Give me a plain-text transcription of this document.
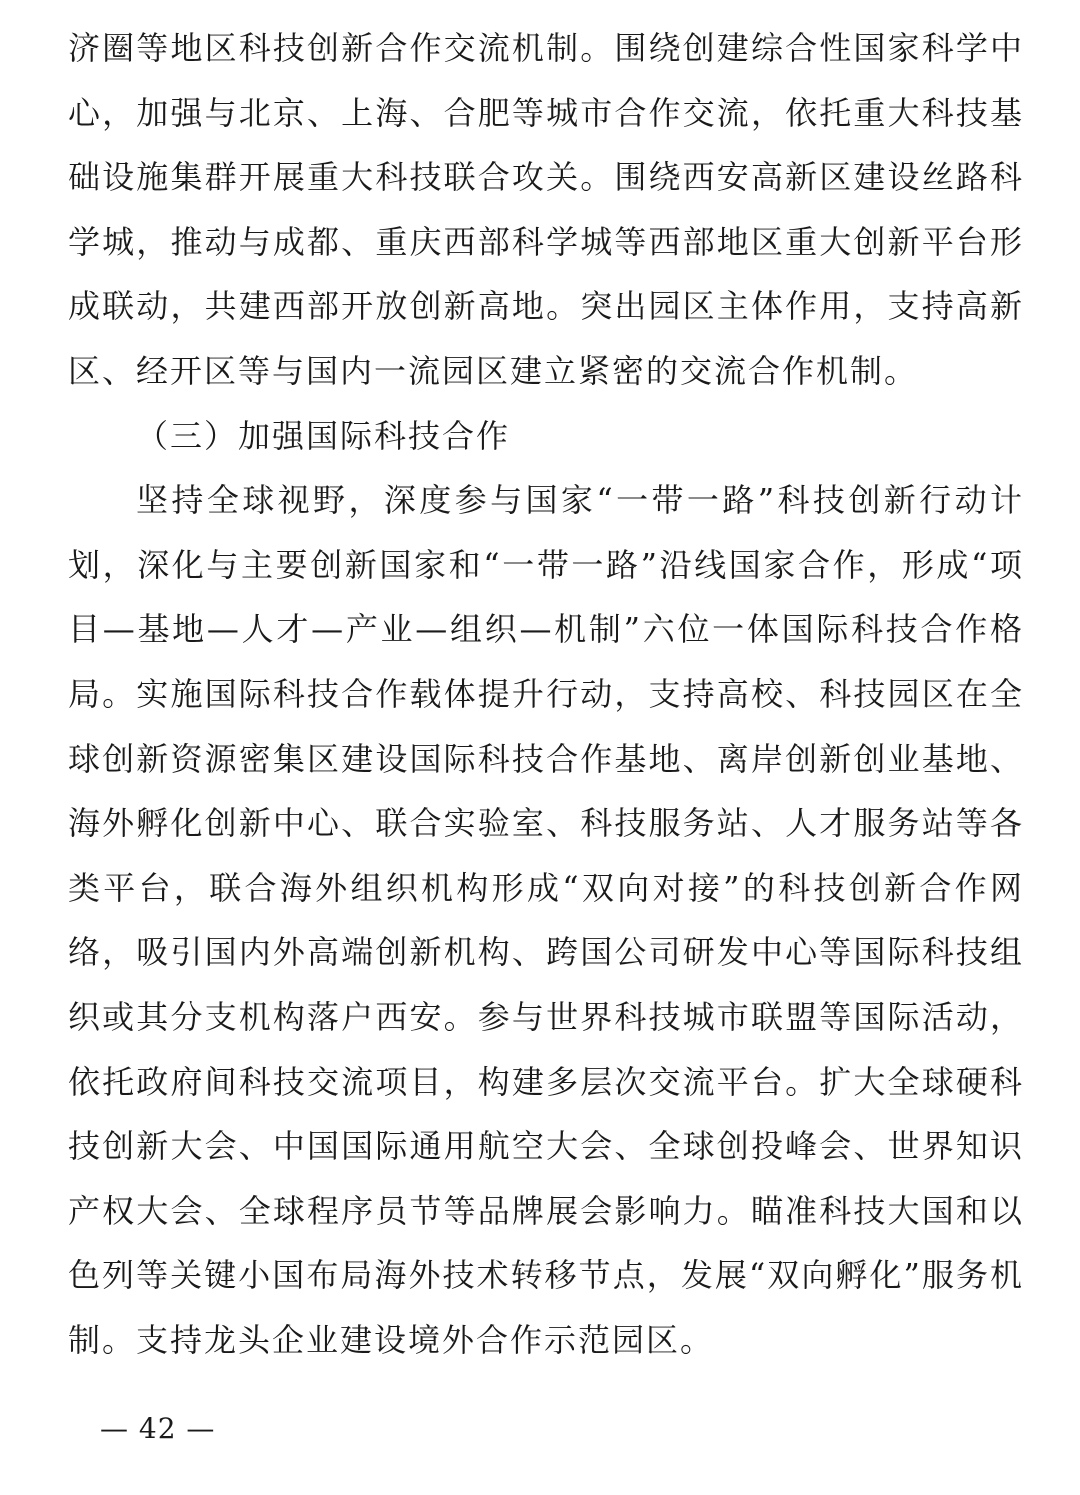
济圈等地区科技创新合作交流机制。围绕创建综合性国家科学中心，加强与北京、上海、合肥等城市合作交流，依托重大科技基础设施集群开展重大科技联合攻关。围绕西安高新区建设丝路科学城，推动与成都、重庆西部科学城等西部地区重大创新平台形成联动，共建西部开放创新高地。突出园区主体作用，支持高新区、经开区等与国内一流园区建立紧密的交流合作机制。

（三）加强国际科技合作

坚持全球视野，深度参与国家“一带一路”科技创新行动计划，深化与主要创新国家和“一带一路”沿线国家合作，形成“项目—基地—人才—产业—组织—机制”六位一体国际科技合作格局。实施国际科技合作载体提升行动，支持高校、科技园区在全球创新资源密集区建设国际科技合作基地、离岸创新创业基地、海外孵化创新中心、联合实验室、科技服务站、人才服务站等各类平台，联合海外组织机构形成“双向对接”的科技创新合作网络，吸引国内外高端创新机构、跨国公司研发中心等国际科技组织或其分支机构落户西安。参与世界科技城市联盟等国际活动，依托政府间科技交流项目，构建多层次交流平台。扩大全球硬科技创新大会、中国国际通用航空大会、全球创投峰会、世界知识产权大会、全球程序员节等品牌展会影响力。瞄准科技大国和以色列等关键小国布局海外技术转移节点，发展“双向孵化”服务机制。支持龙头企业建设境外合作示范园区。

— 42 —
